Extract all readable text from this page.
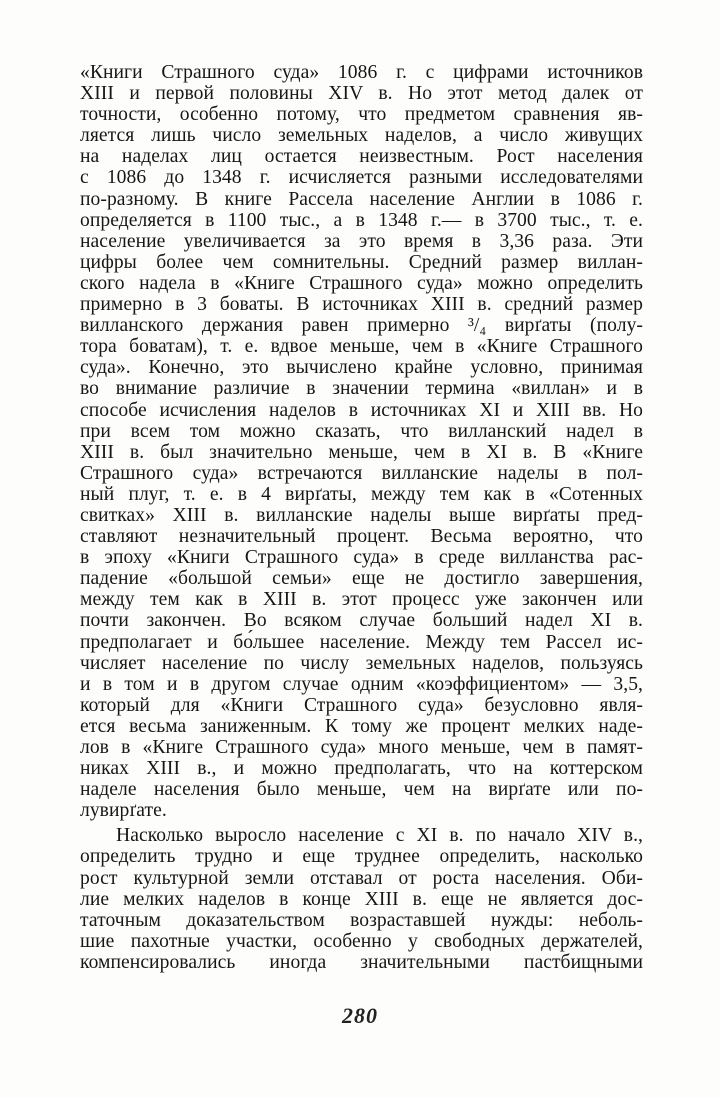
«Книги Страшного суда» 1086 г. с цифрами источников
XIII и первой половины XIV в. Но этот метод далек от
точности, особенно потому, что предметом сравнения яв-
ляется лишь число земельных наделов, а число живущих
на наделах лиц остается неизвестным. Рост населения
с 1086 до 1348 г. исчисляется разными исследователями
по-разному. В книге Рассела население Англии в 1086 г.
определяется в 1100 тыс., а в 1348 г.— в 3700 тыс., т. е.
население увеличивается за это время в 3,36 раза. Эти
цифры более чем сомнительны. Средний размер виллан-
ского надела в «Книге Страшного суда» можно определить
примерно в 3 боваты. В источниках XIII в. средний размер
вилланского держания равен примерно ³/₄ вирґаты (полу-
тора боватам), т. е. вдвое меньше, чем в «Книге Страшного
суда». Конечно, это вычислено крайне условно, принимая
во внимание различие в значении термина «виллан» и в
способе исчисления наделов в источниках XI и XIII вв. Но
при всем том можно сказать, что вилланский надел в
XIII в. был значительно меньше, чем в XI в. В «Книге
Страшного суда» встречаются вилланские наделы в пол-
ный плуг, т. е. в 4 вирґаты, между тем как в «Сотенных
свитках» XIII в. вилланские наделы выше вирґаты пред-
ставляют незначительный процент. Весьма вероятно, что
в эпоху «Книги Страшного суда» в среде вилланства рас-
падение «большой семьи» еще не достигло завершения,
между тем как в XIII в. этот процесс уже закончен или
почти закончен. Во всяком случае больший надел XI в.
предполагает и бо́льшее население. Между тем Рассел ис-
числяет население по числу земельных наделов, пользуясь
и в том и в другом случае одним «коэффициентом» — 3,5,
который для «Книги Страшного суда» безусловно явля-
ется весьма заниженным. К тому же процент мелких наде-
лов в «Книге Страшного суда» много меньше, чем в памят-
никах XIII в., и можно предполагать, что на коттерском
наделе населения было меньше, чем на вирґате или по-
лувирґате.
Насколько выросло население с XI в. по начало XIV в.,
определить трудно и еще труднее определить, насколько
рост культурной земли отставал от роста населения. Оби-
лие мелких наделов в конце XIII в. еще не является дос-
таточным доказательством возраставшей нужды: неболь-
шие пахотные участки, особенно у свободных держателей,
компенсировались иногда значительными пастбищными
280
